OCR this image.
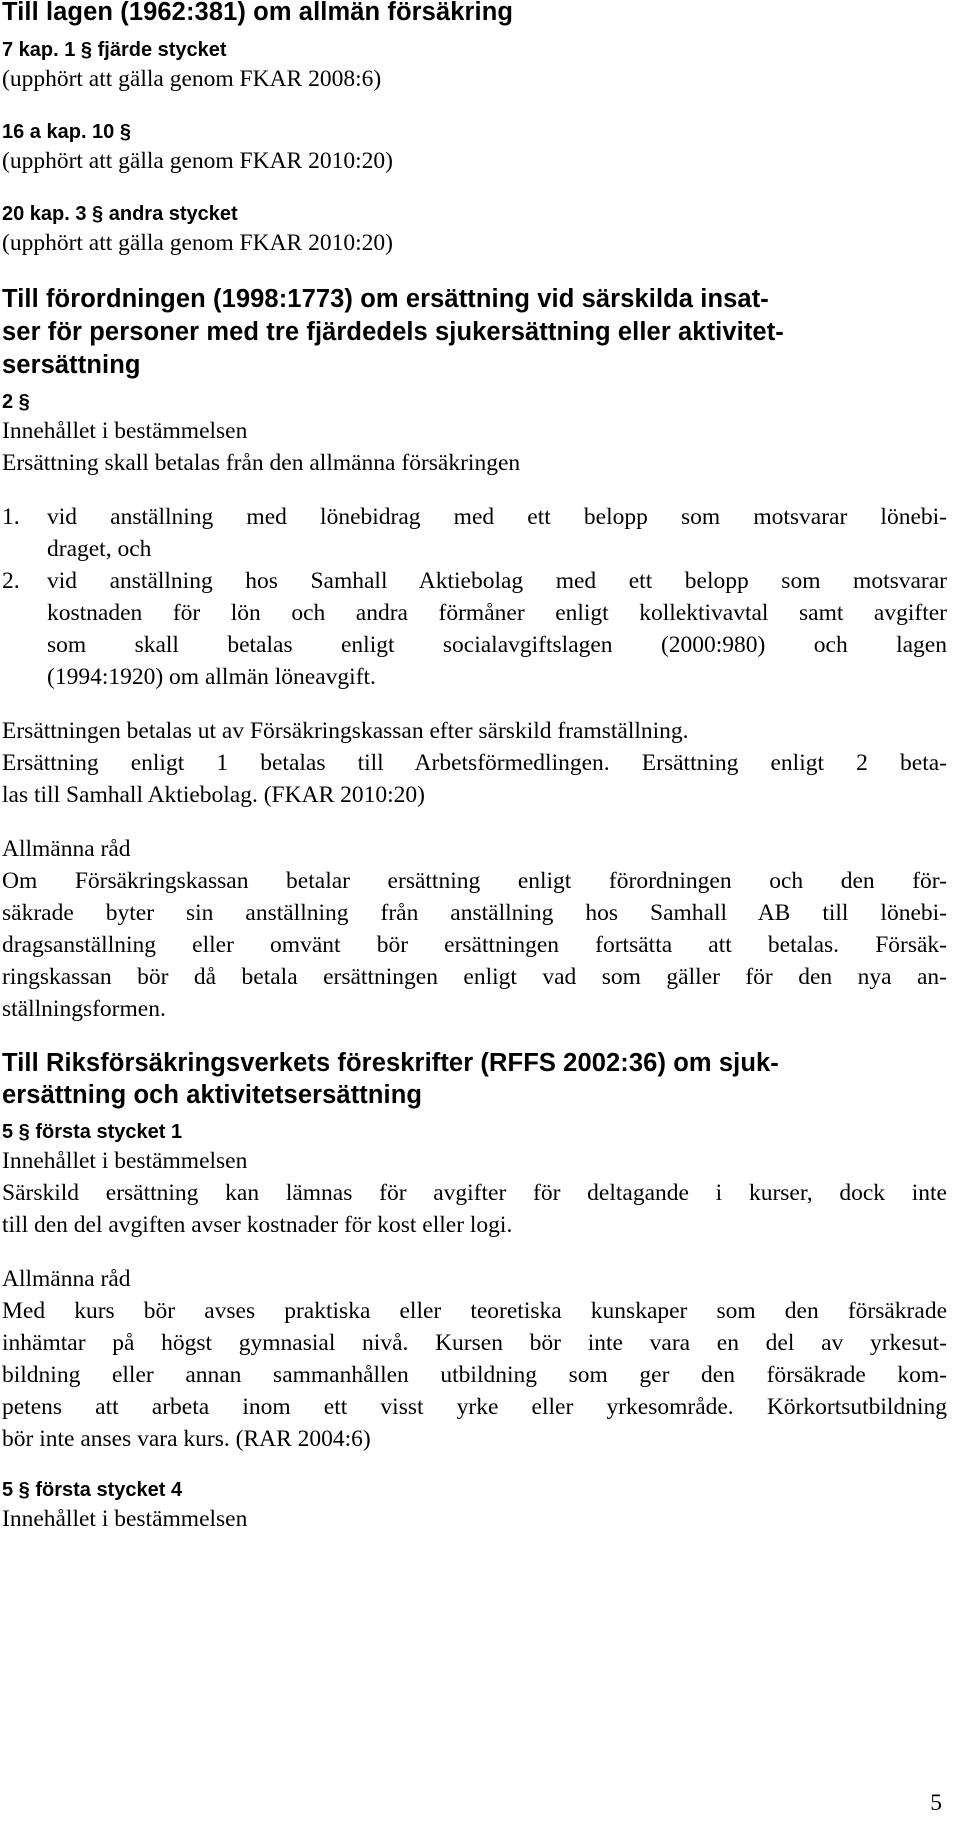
Till lagen (1962:381) om allmän försäkring
7 kap. 1 § fjärde stycket
(upphört att gälla genom FKAR 2008:6)
16 a kap. 10 §
(upphört att gälla genom FKAR 2010:20)
20 kap. 3 § andra stycket
(upphört att gälla genom FKAR 2010:20)
Till förordningen (1998:1773) om ersättning vid särskilda insat-
ser för personer med tre fjärdedels sjukersättning eller aktivitet-
sersättning
2 §
Innehållet i bestämmelsen
Ersättning skall betalas från den allmänna försäkringen
1. vid anställning med lönebidrag med ett belopp som motsvarar lönebi-
draget, och
2. vid anställning hos Samhall Aktiebolag med ett belopp som motsvarar
kostnaden för lön och andra förmåner enligt kollektivavtal samt avgifter
som skall betalas enligt socialavgiftslagen (2000:980) och lagen
(1994:1920) om allmän löneavgift.
Ersättningen betalas ut av Försäkringskassan efter särskild framställning.
Ersättning enligt 1 betalas till Arbetsförmedlingen. Ersättning enligt 2 beta-
las till Samhall Aktiebolag. (FKAR 2010:20)
Allmänna råd
Om Försäkringskassan betalar ersättning enligt förordningen och den för-
säkrade byter sin anställning från anställning hos Samhall AB till lönebi-
dragsanställning eller omvänt bör ersättningen fortsätta att betalas. Försäk-
ringskassan bör då betala ersättningen enligt vad som gäller för den nya an-
ställningsformen.
Till Riksförsäkringsverkets föreskrifter (RFFS 2002:36) om sjuk-
ersättning och aktivitetsersättning
5 § första stycket 1
Innehållet i bestämmelsen
Särskild ersättning kan lämnas för avgifter för deltagande i kurser, dock inte
till den del avgiften avser kostnader för kost eller logi.
Allmänna råd
Med kurs bör avses praktiska eller teoretiska kunskaper som den försäkrade
inhämtar på högst gymnasial nivå. Kursen bör inte vara en del av yrkesut-
bildning eller annan sammanhållen utbildning som ger den försäkrade kom-
petens att arbeta inom ett visst yrke eller yrkesområde. Körkortsutbildning
bör inte anses vara kurs. (RAR 2004:6)
5 § första stycket 4
Innehållet i bestämmelsen
5
